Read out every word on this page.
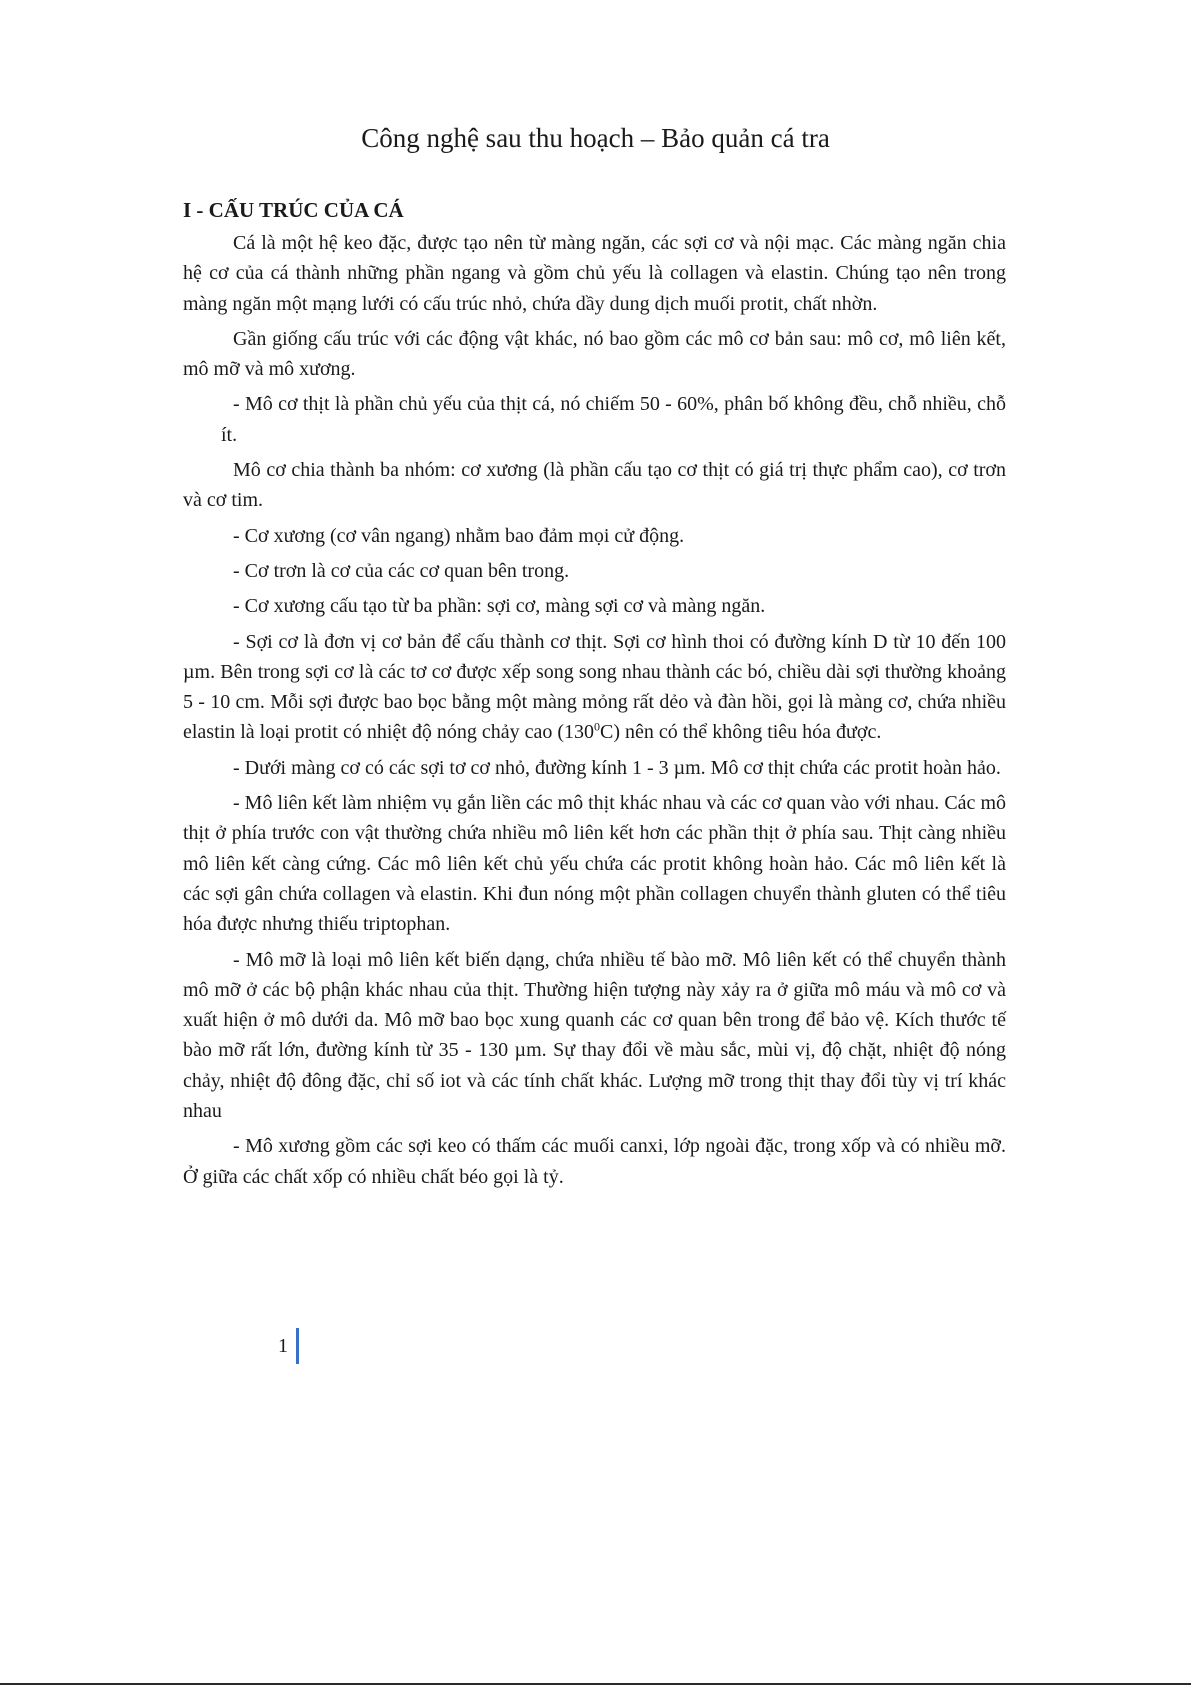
Công nghệ sau thu hoạch – Bảo quản cá tra
I - CẤU TRÚC CỦA CÁ

Cá là một hệ keo đặc, được tạo nên từ màng ngăn, các sợi cơ và nội mạc. Các màng ngăn chia hệ cơ của cá thành những phần ngang và gồm chủ yếu là collagen và elastin. Chúng tạo nên trong màng ngăn một mạng lưới có cấu trúc nhỏ, chứa dầy dung dịch muối protit, chất nhờn.

Gần giống cấu trúc với các động vật khác, nó bao gồm các mô cơ bản sau: mô cơ, mô liên kết, mô mỡ và mô xương.

- Mô cơ thịt là phần chủ yếu của thịt cá, nó chiếm 50 - 60%, phân bố không đều, chỗ nhiều, chỗ ít.

Mô cơ chia thành ba nhóm: cơ xương (là phần cấu tạo cơ thịt có giá trị thực phẩm cao), cơ trơn và cơ tim.

- Cơ xương (cơ vân ngang) nhằm bao đảm mọi cử động.

- Cơ trơn là cơ của các cơ quan bên trong.

- Cơ xương cấu tạo từ ba phần: sợi cơ, màng sợi cơ và màng ngăn.

- Sợi cơ là đơn vị cơ bản để cấu thành cơ thịt. Sợi cơ hình thoi có đường kính D từ 10 đến 100 µm. Bên trong sợi cơ là các tơ cơ được xếp song song nhau thành các bó, chiều dài sợi thường khoảng 5 - 10 cm. Mỗi sợi được bao bọc bằng một màng mỏng rất dẻo và đàn hồi, gọi là màng cơ, chứa nhiều elastin là loại protit có nhiệt độ nóng chảy cao $(130^0C)$ nên có thể không tiêu hóa được.

- Dưới màng cơ có các sợi tơ cơ nhỏ, đường kính 1 - 3 µm. Mô cơ thịt chứa các protit hoàn hảo.

- Mô liên kết làm nhiệm vụ gắn liền các mô thịt khác nhau và các cơ quan vào với nhau. Các mô thịt ở phía trước con vật thường chứa nhiều mô liên kết hơn các phần thịt ở phía sau. Thịt càng nhiều mô liên kết càng cứng. Các mô liên kết chủ yếu chứa các protit không hoàn hảo. Các mô liên kết là các sợi gân chứa collagen và elastin. Khi đun nóng một phần collagen chuyển thành gluten có thể tiêu hóa được nhưng thiếu triptophan.

- Mô mỡ là loại mô liên kết biến dạng, chứa nhiều tế bào mỡ. Mô liên kết có thể chuyển thành mô mỡ ở các bộ phận khác nhau của thịt. Thường hiện tượng này xảy ra ở giữa mô máu và mô cơ và xuất hiện ở mô dưới da. Mô mỡ bao bọc xung quanh các cơ quan bên trong để bảo vệ. Kích thước tế bào mỡ rất lớn, đường kính từ 35 - 130 µm. Sự thay đổi về màu sắc, mùi vị, độ chặt, nhiệt độ nóng chảy, nhiệt độ đông đặc, chỉ số iot và các tính chất khác. Lượng mỡ trong thịt thay đổi tùy vị trí khác nhau

- Mô xương gồm các sợi keo có thấm các muối canxi, lớp ngoài đặc, trong xốp và có nhiều mỡ. Ở giữa các chất xốp có nhiều chất béo gọi là tỷ.

1
